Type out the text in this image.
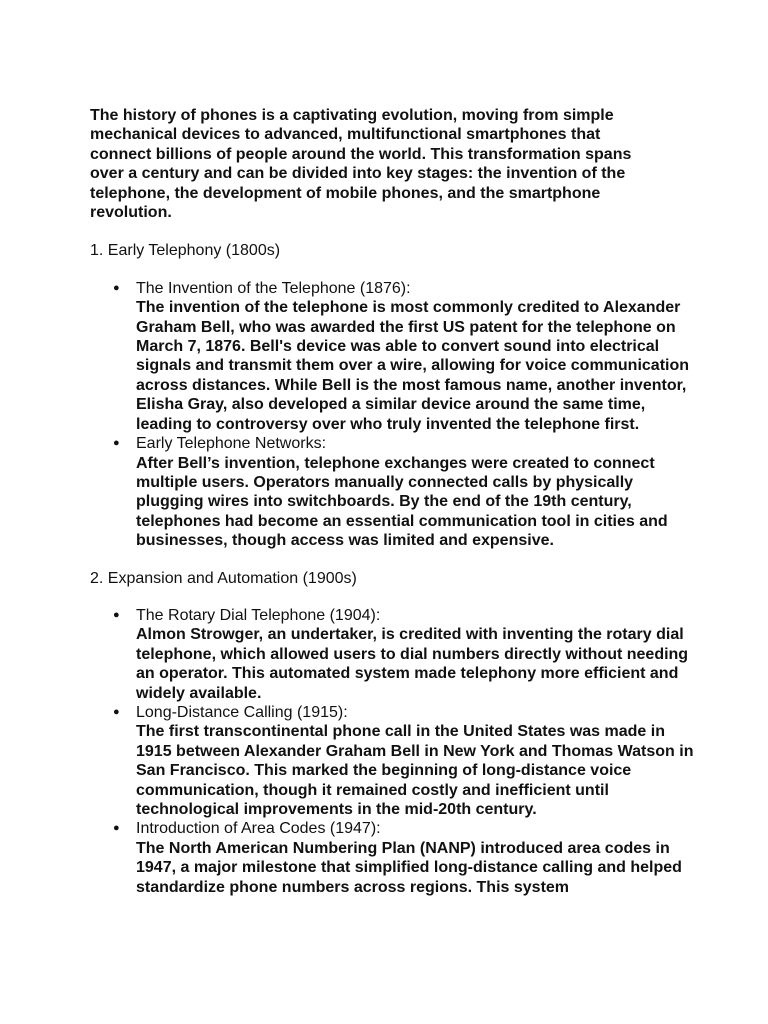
The history of phones is a captivating evolution, moving from simple mechanical devices to advanced, multifunctional smartphones that connect billions of people around the world. This transformation spans over a century and can be divided into key stages: the invention of the telephone, the development of mobile phones, and the smartphone revolution.

1. Early Telephony (1800s)

● The Invention of the Telephone (1876):
The invention of the telephone is most commonly credited to Alexander Graham Bell, who was awarded the first US patent for the telephone on March 7, 1876. Bell's device was able to convert sound into electrical signals and transmit them over a wire, allowing for voice communication across distances. While Bell is the most famous name, another inventor, Elisha Gray, also developed a similar device around the same time, leading to controversy over who truly invented the telephone first.
● Early Telephone Networks:
After Bell’s invention, telephone exchanges were created to connect multiple users. Operators manually connected calls by physically plugging wires into switchboards. By the end of the 19th century, telephones had become an essential communication tool in cities and businesses, though access was limited and expensive.

2. Expansion and Automation (1900s)

● The Rotary Dial Telephone (1904):
Almon Strowger, an undertaker, is credited with inventing the rotary dial telephone, which allowed users to dial numbers directly without needing an operator. This automated system made telephony more efficient and widely available.
● Long-Distance Calling (1915):
The first transcontinental phone call in the United States was made in 1915 between Alexander Graham Bell in New York and Thomas Watson in San Francisco. This marked the beginning of long-distance voice communication, though it remained costly and inefficient until technological improvements in the mid-20th century.
● Introduction of Area Codes (1947):
The North American Numbering Plan (NANP) introduced area codes in 1947, a major milestone that simplified long-distance calling and helped standardize phone numbers across regions. This system
